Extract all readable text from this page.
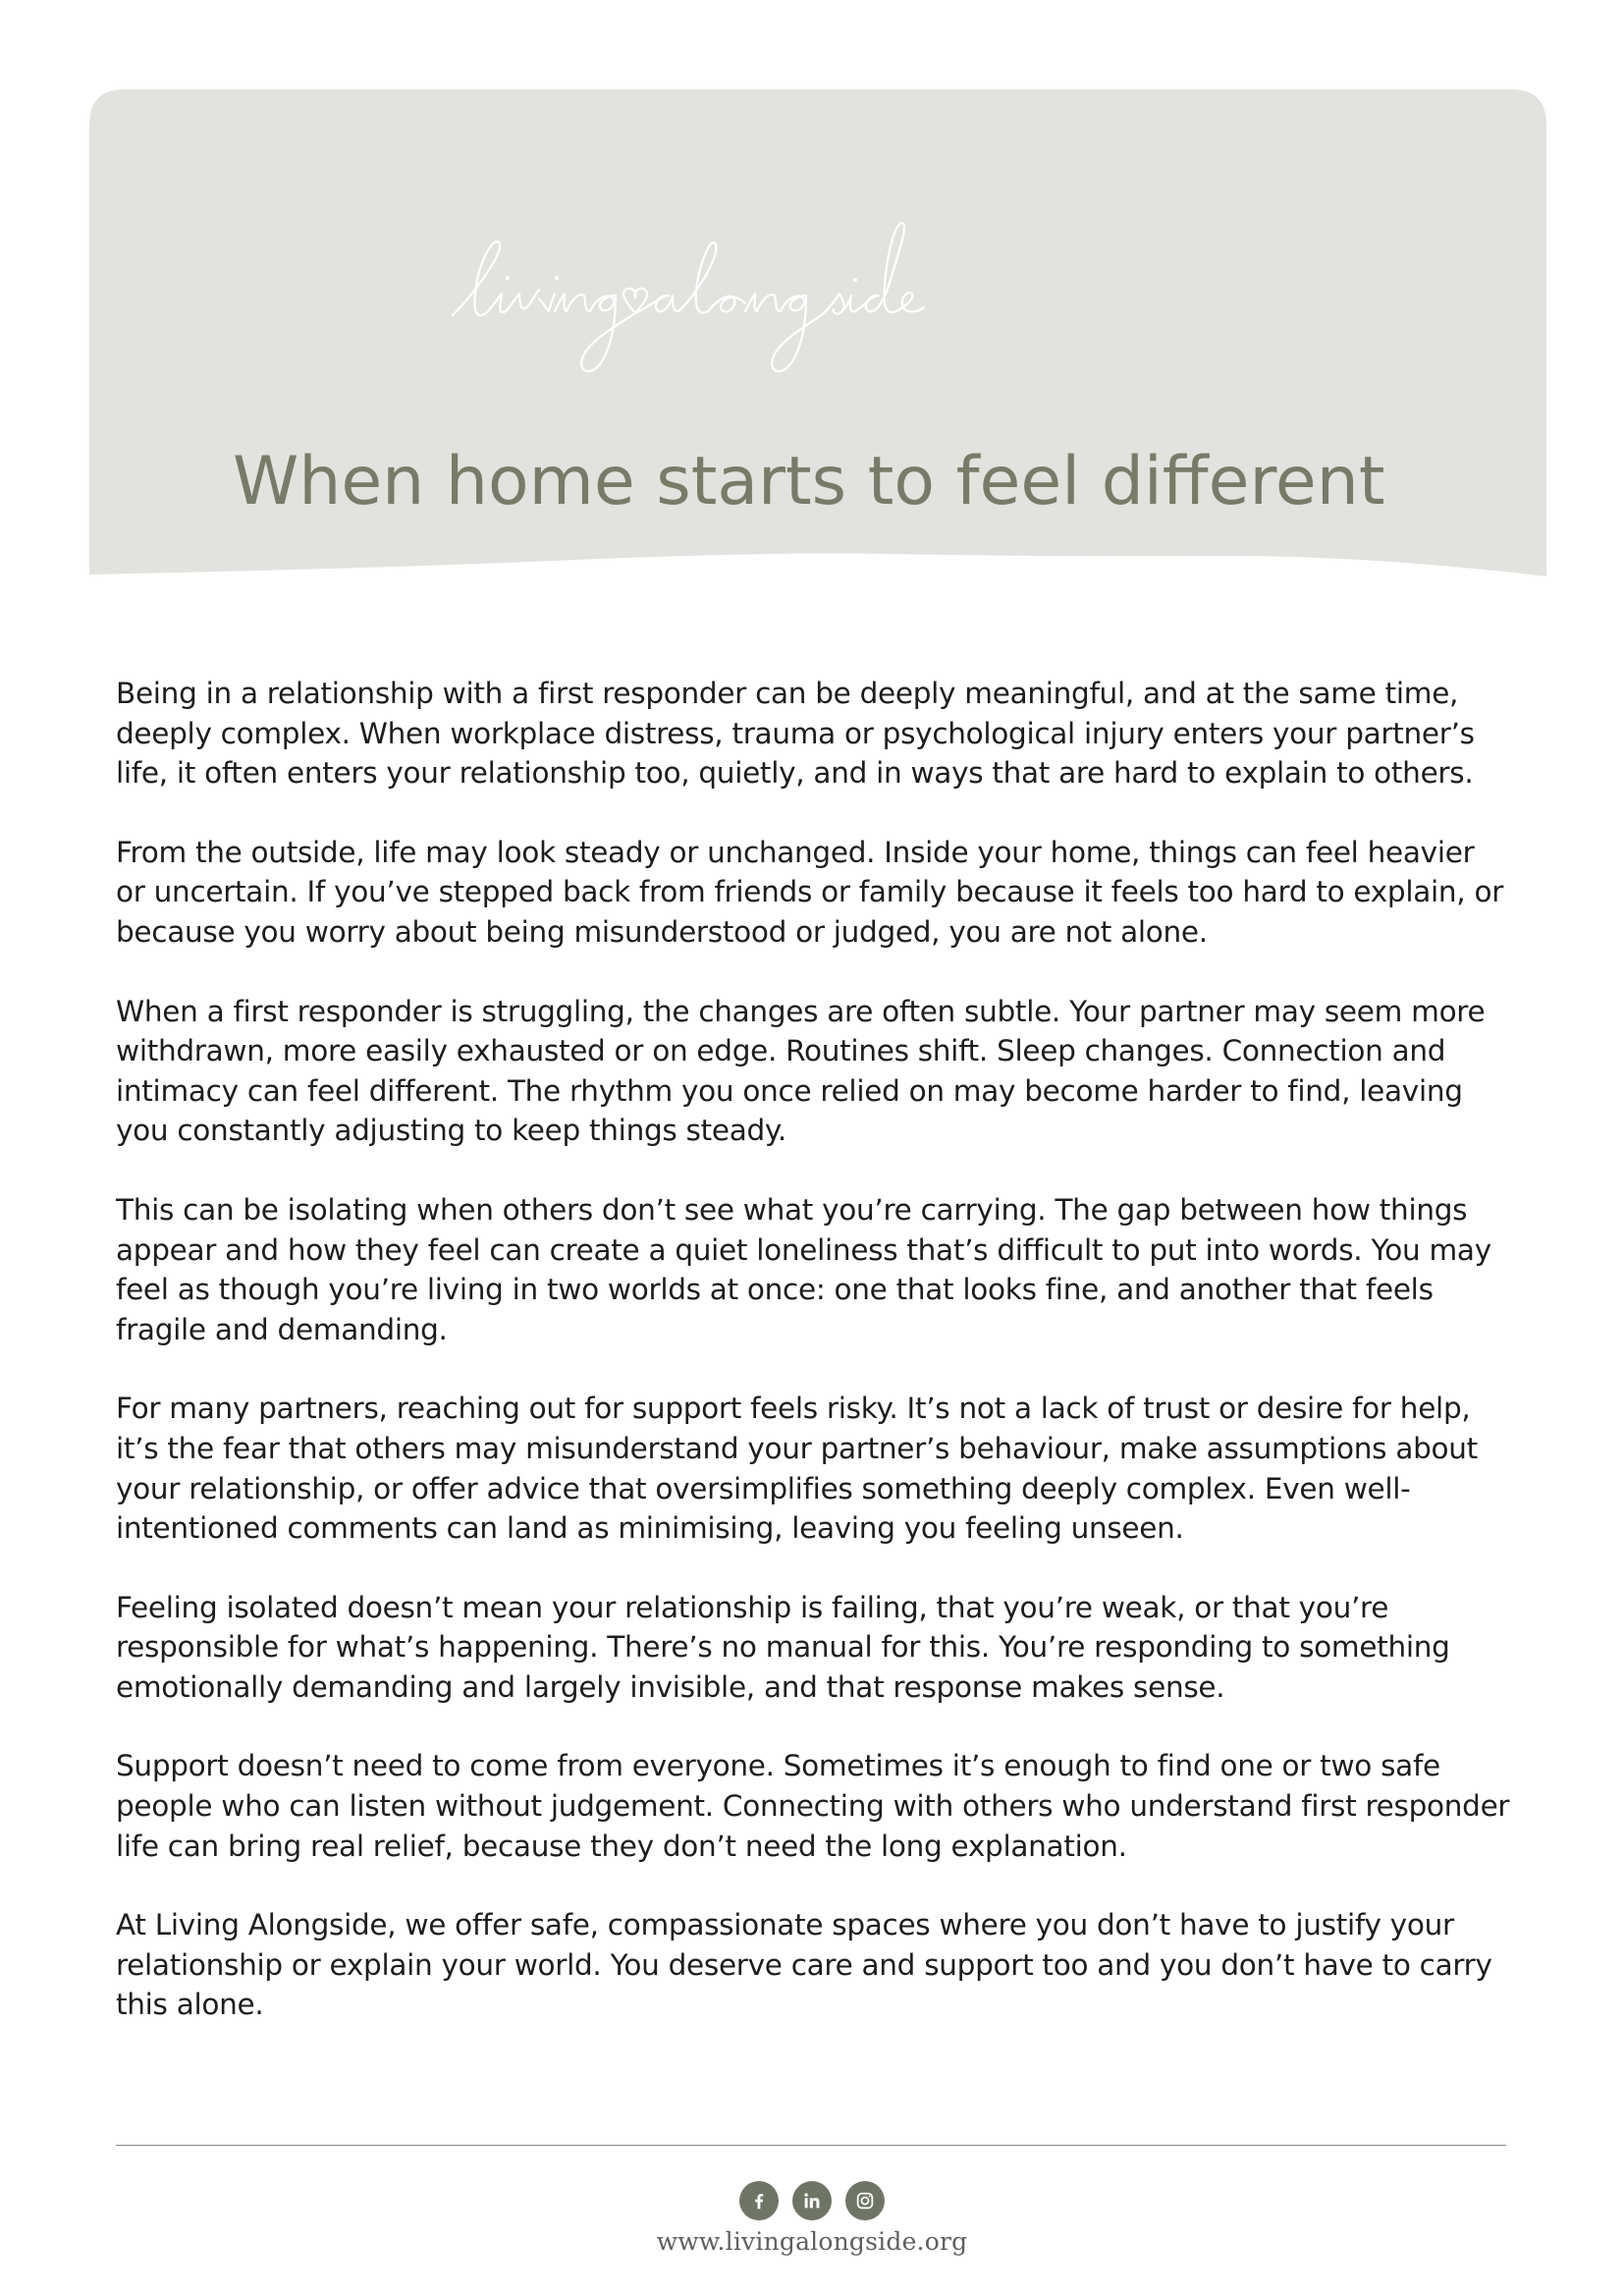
When home starts to feel different

Being in a relationship with a first responder can be deeply meaningful, and at the same time, deeply complex. When workplace distress, trauma or psychological injury enters your partner’s life, it often enters your relationship too, quietly, and in ways that are hard to explain to others.

From the outside, life may look steady or unchanged. Inside your home, things can feel heavier or uncertain. If you’ve stepped back from friends or family because it feels too hard to explain, or because you worry about being misunderstood or judged, you are not alone.

When a first responder is struggling, the changes are often subtle. Your partner may seem more withdrawn, more easily exhausted or on edge. Routines shift. Sleep changes. Connection and intimacy can feel different. The rhythm you once relied on may become harder to find, leaving you constantly adjusting to keep things steady.

This can be isolating when others don’t see what you’re carrying. The gap between how things appear and how they feel can create a quiet loneliness that’s difficult to put into words. You may feel as though you’re living in two worlds at once: one that looks fine, and another that feels fragile and demanding.

For many partners, reaching out for support feels risky. It’s not a lack of trust or desire for help, it’s the fear that others may misunderstand your partner’s behaviour, make assumptions about your relationship, or offer advice that oversimplifies something deeply complex. Even well-intentioned comments can land as minimising, leaving you feeling unseen.

Feeling isolated doesn’t mean your relationship is failing, that you’re weak, or that you’re responsible for what’s happening. There’s no manual for this. You’re responding to something emotionally demanding and largely invisible, and that response makes sense.

Support doesn’t need to come from everyone. Sometimes it’s enough to find one or two safe people who can listen without judgement. Connecting with others who understand first responder life can bring real relief, because they don’t need the long explanation.

At Living Alongside, we offer safe, compassionate spaces where you don’t have to justify your relationship or explain your world. You deserve care and support too and you don’t have to carry this alone.

www.livingalongside.org
